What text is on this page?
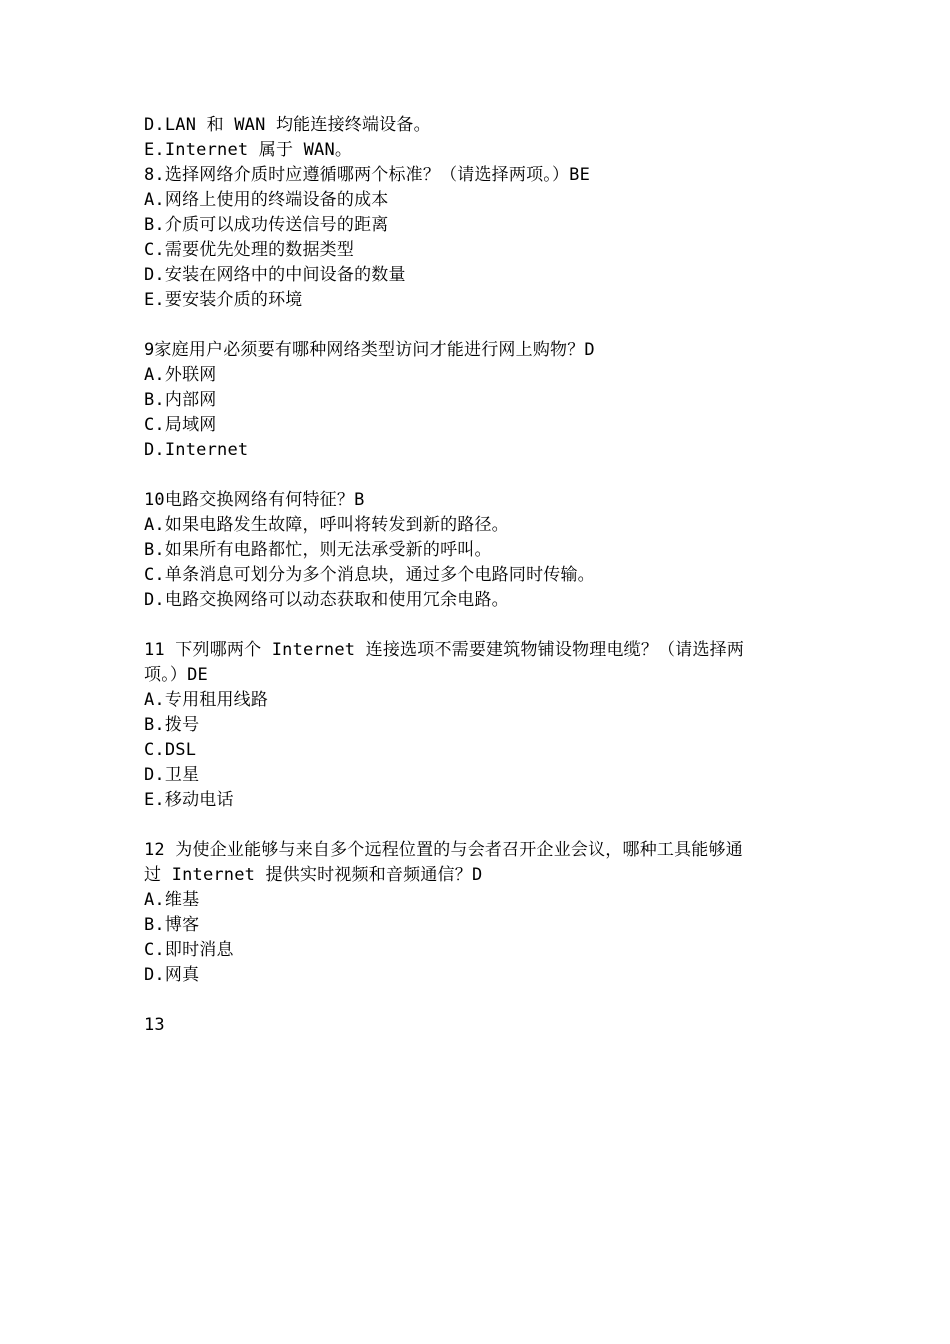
D.LAN 和 WAN 均能连接终端设备。
E.Internet 属于 WAN。
8.选择网络介质时应遵循哪两个标准？（请选择两项。）BE
A.网络上使用的终端设备的成本
B.介质可以成功传送信号的距离
C.需要优先处理的数据类型
D.安装在网络中的中间设备的数量
E.要安装介质的环境
9家庭用户必须要有哪种网络类型访问才能进行网上购物？D
A.外联网
B.内部网
C.局域网
D.Internet
10电路交换网络有何特征？B
A.如果电路发生故障，呼叫将转发到新的路径。
B.如果所有电路都忙，则无法承受新的呼叫。
C.单条消息可划分为多个消息块，通过多个电路同时传输。
D.电路交换网络可以动态获取和使用冗余电路。
11 下列哪两个 Internet 连接选项不需要建筑物铺设物理电缆？（请选择两
项。）DE
A.专用租用线路
B.拨号
C.DSL
D.卫星
E.移动电话
12 为使企业能够与来自多个远程位置的与会者召开企业会议，哪种工具能够通
过 Internet 提供实时视频和音频通信？D
A.维基
B.博客
C.即时消息
D.网真
13
